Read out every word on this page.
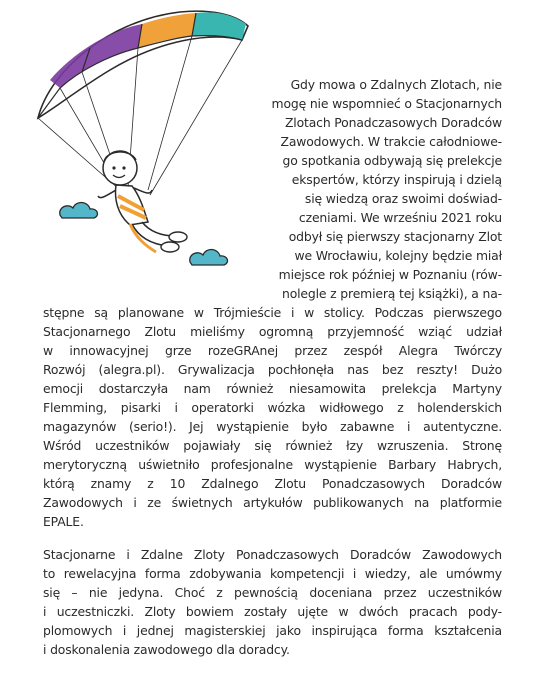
Gdy mowa o Zdalnych Zlotach, nie
mogę nie wspomnieć o Stacjonarnych
Zlotach Ponadczasowych Doradców
Zawodowych. W trakcie całodniowe-
go spotkania odbywają się prelekcje
ekspertów, którzy inspirują i dzielą
się wiedzą oraz swoimi doświad-
czeniami. We wrześniu 2021 roku
odbył się pierwszy stacjonarny Zlot
we Wrocławiu, kolejny będzie miał
miejsce rok później w Poznaniu (rów-
nolegle z premierą tej książki), a na-
stępne są planowane w Trójmieście i w stolicy. Podczas pierwszego
Stacjonarnego Zlotu mieliśmy ogromną przyjemność wziąć udział
w innowacyjnej grze rozeGRAnej przez zespół Alegra Twórczy
Rozwój (alegra.pl). Grywalizacja pochłonęła nas bez reszty! Dużo
emocji dostarczyła nam również niesamowita prelekcja Martyny
Flemming, pisarki i operatorki wózka widłowego z holenderskich
magazynów (serio!). Jej wystąpienie było zabawne i autentyczne.
Wśród uczestników pojawiały się również łzy wzruszenia. Stronę
merytoryczną uświetniło profesjonalne wystąpienie Barbary Habrych,
którą znamy z 10 Zdalnego Zlotu Ponadczasowych Doradców
Zawodowych i ze świetnych artykułów publikowanych na platformie
EPALE.
Stacjonarne i Zdalne Zloty Ponadczasowych Doradców Zawodowych
to rewelacyjna forma zdobywania kompetencji i wiedzy, ale umówmy
się – nie jedyna. Choć z pewnością doceniana przez uczestników
i uczestniczki. Zloty bowiem zostały ujęte w dwóch pracach pody-
plomowych i jednej magisterskiej jako inspirująca forma kształcenia
i doskonalenia zawodowego dla doradcy.
